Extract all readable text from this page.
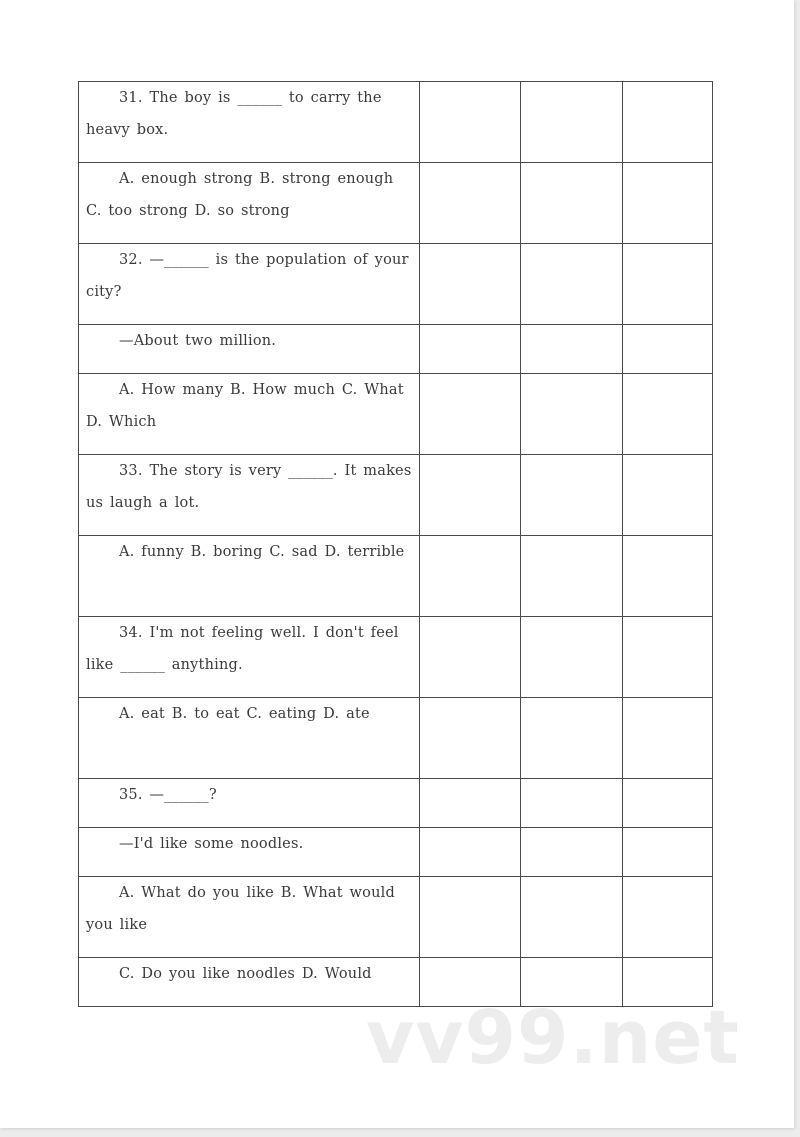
31. The boy is ______ to carry the heavy box.			

A. enough strong B. strong enough C. too strong D. so strong			

32. —______ is the population of your city?			

—About two million.			

A. How many B. How much C. What D. Which			

33. The story is very ______. It makes us laugh a lot.			

A. funny B. boring C. sad D. terrible			

34. I'm not feeling well. I don't feel like ______ anything.			

A. eat B. to eat C. eating D. ate			

35. —______?			

—I'd like some noodles.			

A. What do you like B. What would you like			

C. Do you like noodles D. Would			

vv99.net
